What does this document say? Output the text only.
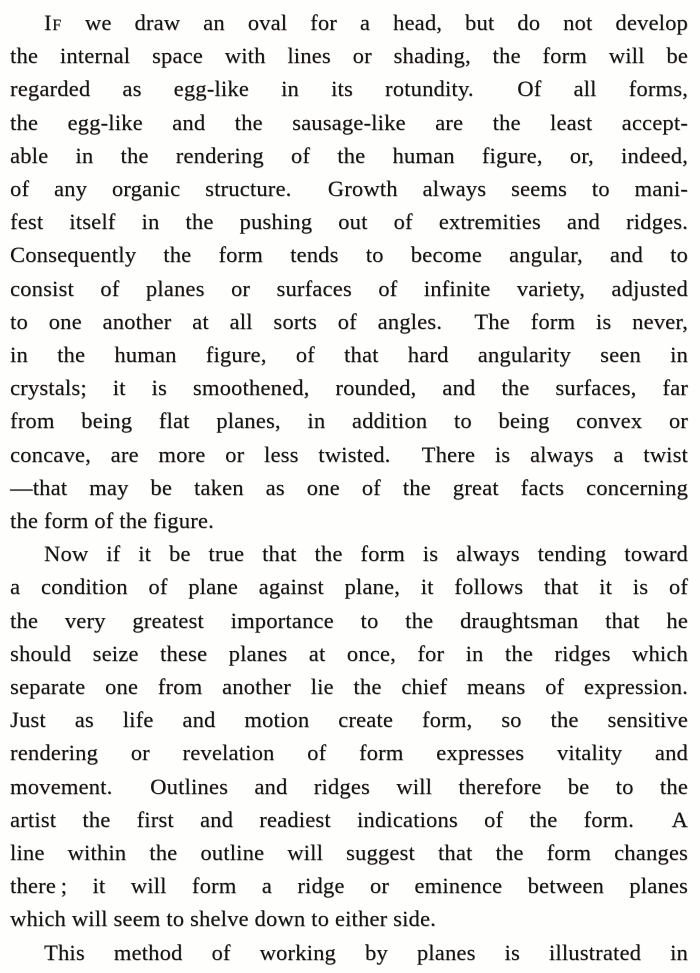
If we draw an oval for a head, but do not develop

the internal space with lines or shading, the form will be

regarded as egg-like in its rotundity.  Of all forms,

the egg-like and the sausage-like are the least accept-

able in the rendering of the human figure, or, indeed,

of any organic structure.  Growth always seems to mani-

fest itself in the pushing out of extremities and ridges.

Consequently the form tends to become angular, and to

consist of planes or surfaces of infinite variety, adjusted

to one another at all sorts of angles.  The form is never,

in the human figure, of that hard angularity seen in

crystals; it is smoothened, rounded, and the surfaces, far

from being flat planes, in addition to being convex or

concave, are more or less twisted.  There is always a twist

—that may be taken as one of the great facts concerning

the form of the figure.

Now if it be true that the form is always tending toward

a condition of plane against plane, it follows that it is of

the very greatest importance to the draughtsman that he

should seize these planes at once, for in the ridges which

separate one from another lie the chief means of expression.

Just as life and motion create form, so the sensitive

rendering or revelation of form expresses vitality and

movement.  Outlines and ridges will therefore be to the

artist the first and readiest indications of the form.  A

line within the outline will suggest that the form changes

there ; it will form a ridge or eminence between planes

which will seem to shelve down to either side.

This method of working by planes is illustrated in
